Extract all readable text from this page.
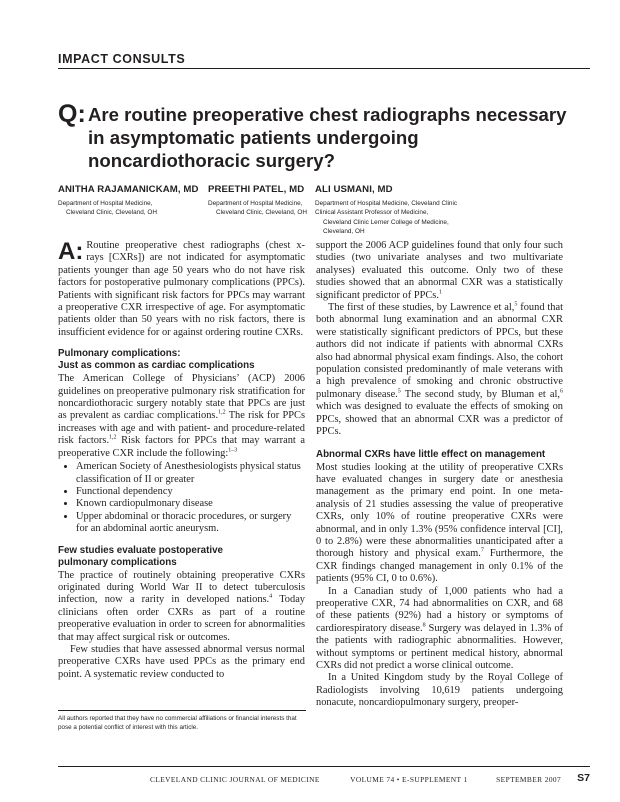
IMPACT CONSULTS
Q: Are routine preoperative chest radiographs necessary in asymptomatic patients undergoing noncardiothoracic surgery?
ANITHA RAJAMANICKAM, MD
Department of Hospital Medicine,
Cleveland Clinic, Cleveland, OH
PREETHI PATEL, MD
Department of Hospital Medicine,
Cleveland Clinic, Cleveland, OH
ALI USMANI, MD
Department of Hospital Medicine, Cleveland Clinic
Clinical Assistant Professor of Medicine,
Cleveland Clinic Lerner College of Medicine,
Cleveland, OH

A: Routine preoperative chest radiographs (chest x-rays [CXRs]) are not indicated for asymptomatic patients younger than age 50 years who do not have risk factors for postoperative pulmonary complications (PPCs). Patients with significant risk factors for PPCs may warrant a preoperative CXR irrespective of age. For asymptomatic patients older than 50 years with no risk factors, there is insufficient evidence for or against ordering routine CXRs.

Pulmonary complications:
Just as common as cardiac complications

The American College of Physicians’ (ACP) 2006 guidelines on preoperative pulmonary risk stratification for noncardiothoracic surgery notably state that PPCs are just as prevalent as cardiac complications.$^{1,2}$ The risk for PPCs increases with age and with patient- and procedure-related risk factors.$^{1,2}$ Risk factors for PPCs that may warrant a preoperative CXR include the following:$^{1-3}$

• American Society of Anesthesiologists physical status classification of II or greater
• Functional dependency
• Known cardiopulmonary disease
• Upper abdominal or thoracic procedures, or surgery for an abdominal aortic aneurysm.
Few studies evaluate postoperative
pulmonary complications

The practice of routinely obtaining preoperative CXRs originated during World War II to detect tuberculosis infection, now a rarity in developed nations.$^4$ Today clinicians often order CXRs as part of a routine preoperative evaluation in order to screen for abnormalities that may affect surgical risk or outcomes.

Few studies that have assessed abnormal versus normal preoperative CXRs have used PPCs as the primary end point. A systematic review conducted to

support the 2006 ACP guidelines found that only four such studies (two univariate analyses and two multivariate analyses) evaluated this outcome. Only two of these studies showed that an abnormal CXR was a statistically significant predictor of PPCs.$^1$

The first of these studies, by Lawrence et al,$^5$ found that both abnormal lung examination and an abnormal CXR were statistically significant predictors of PPCs, but these authors did not indicate if patients with abnormal CXRs also had abnormal physical exam findings. Also, the cohort population consisted predominantly of male veterans with a high prevalence of smoking and chronic obstructive pulmonary disease.$^5$ The second study, by Bluman et al,$^6$ which was designed to evaluate the effects of smoking on PPCs, showed that an abnormal CXR was a predictor of PPCs.

Abnormal CXRs have little effect on management

Most studies looking at the utility of preoperative CXRs have evaluated changes in surgery date or anesthesia management as the primary end point. In one meta-analysis of 21 studies assessing the value of preoperative CXRs, only 10% of routine preoperative CXRs were abnormal, and in only 1.3% (95% confidence interval [CI], 0 to 2.8%) were these abnormalities unanticipated after a thorough history and physical exam.$^7$ Furthermore, the CXR findings changed management in only 0.1% of the patients (95% CI, 0 to 0.6%).

In a Canadian study of 1,000 patients who had a preoperative CXR, 74 had abnormalities on CXR, and 68 of these patients (92%) had a history or symptoms of cardiorespiratory disease.$^8$ Surgery was delayed in 1.3% of the patients with radiographic abnormalities. However, without symptoms or pertinent medical history, abnormal CXRs did not predict a worse clinical outcome.

In a United Kingdom study by the Royal College of Radiologists involving 10,619 patients undergoing nonacute, noncardiopulmonary surgery, preoper-

All authors reported that they have no commercial affiliations or financial interests that pose a potential conflict of interest with this article.
CLEVELAND CLINIC JOURNAL OF MEDICINE	VOLUME 74 • E-SUPPLEMENT 1	SEPTEMBER 2007 S7
